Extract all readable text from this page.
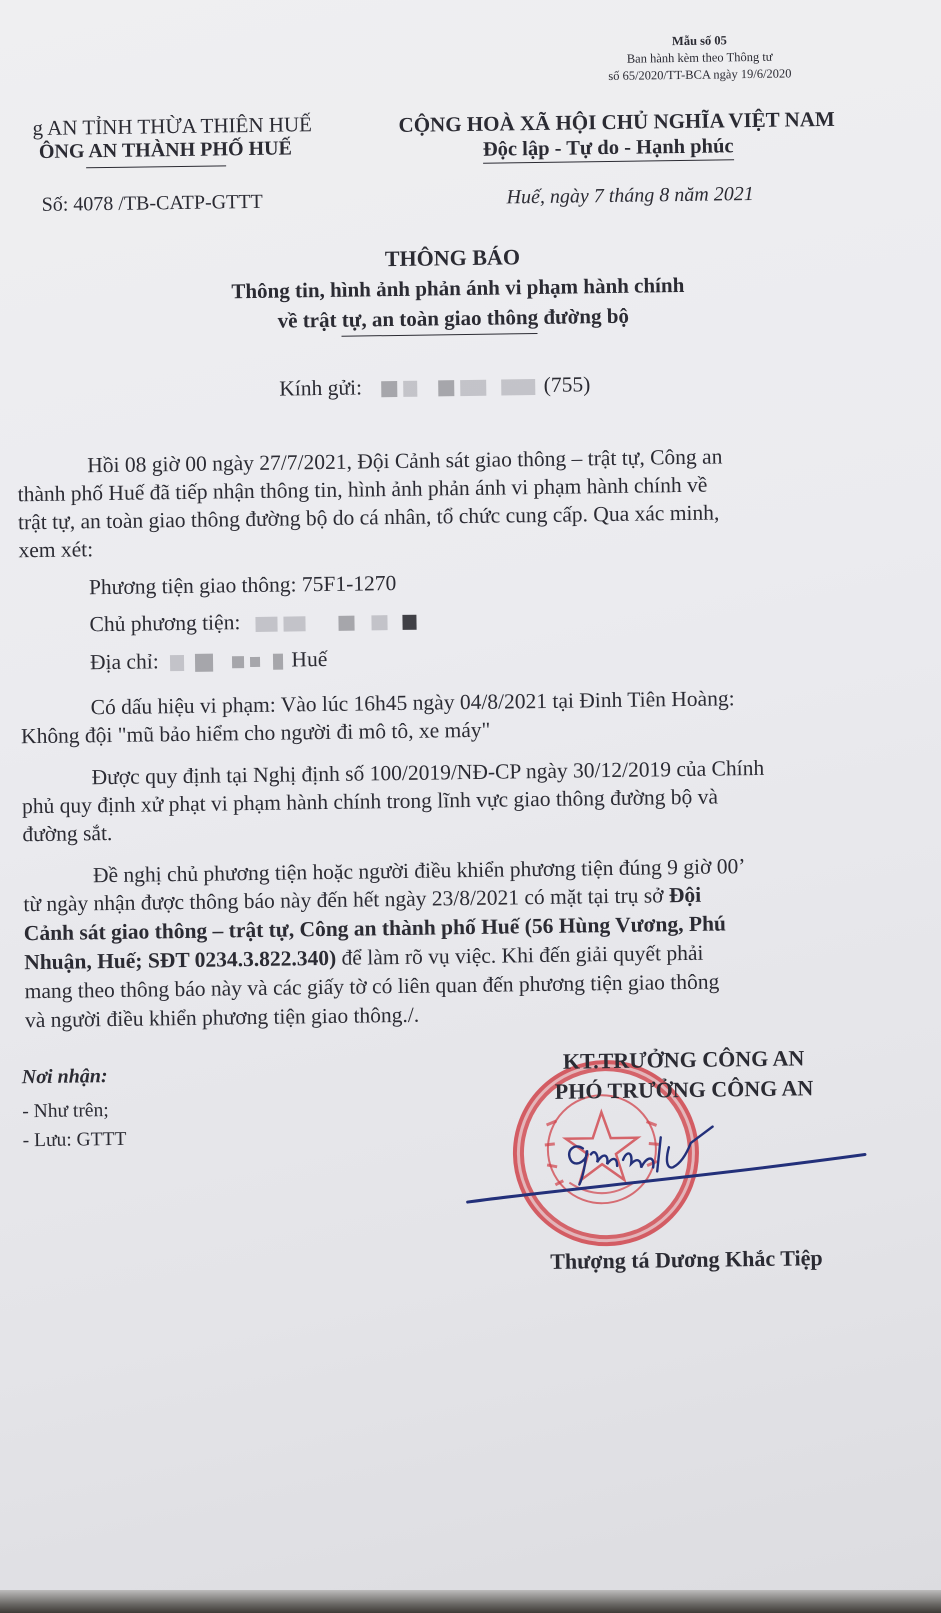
Mẫu số 05
Ban hành kèm theo Thông tư
số 65/2020/TT-BCA ngày 19/6/2020
g AN TỈNH THỪA THIÊN HUẾ
ÔNG AN THÀNH PHỐ HUẾ
Số: 4078 /TB-CATP-GTTT
CỘNG HOÀ XÃ HỘI CHỦ NGHĨA VIỆT NAM
Độc lập - Tự do - Hạnh phúc
Huế, ngày 7 tháng 8 năm 2021
THÔNG BÁO
Thông tin, hình ảnh phản ánh vi phạm hành chính
về trật tự, an toàn giao thông đường bộ
Kính gửi:	(755)
Hồi 08 giờ 00 ngày 27/7/2021, Đội Cảnh sát giao thông – trật tự, Công an
thành phố Huế đã tiếp nhận thông tin, hình ảnh phản ánh vi phạm hành chính về
trật tự, an toàn giao thông đường bộ do cá nhân, tổ chức cung cấp. Qua xác minh,
xem xét:
Phương tiện giao thông: 75F1-1270
Chủ phương tiện:
Địa chỉ:	Huế
Có dấu hiệu vi phạm: Vào lúc 16h45 ngày 04/8/2021 tại Đinh Tiên Hoàng:
Không đội "mũ bảo hiểm cho người đi mô tô, xe máy"
Được quy định tại Nghị định số 100/2019/NĐ-CP ngày 30/12/2019 của Chính
phủ quy định xử phạt vi phạm hành chính trong lĩnh vực giao thông đường bộ và
đường sắt.
Đề nghị chủ phương tiện hoặc người điều khiển phương tiện đúng 9 giờ 00’
từ ngày nhận được thông báo này đến hết ngày 23/8/2021 có mặt tại trụ sở Đội
Cảnh sát giao thông – trật tự, Công an thành phố Huế (56 Hùng Vương, Phú
Nhuận, Huế; SĐT 0234.3.822.340) để làm rõ vụ việc. Khi đến giải quyết phải
mang theo thông báo này và các giấy tờ có liên quan đến phương tiện giao thông
và người điều khiển phương tiện giao thông./.
Nơi nhận:
- Như trên;
- Lưu: GTTT
KT.TRƯỞNG CÔNG AN
PHÓ TRƯỞNG CÔNG AN
Thượng tá Dương Khắc Tiệp
